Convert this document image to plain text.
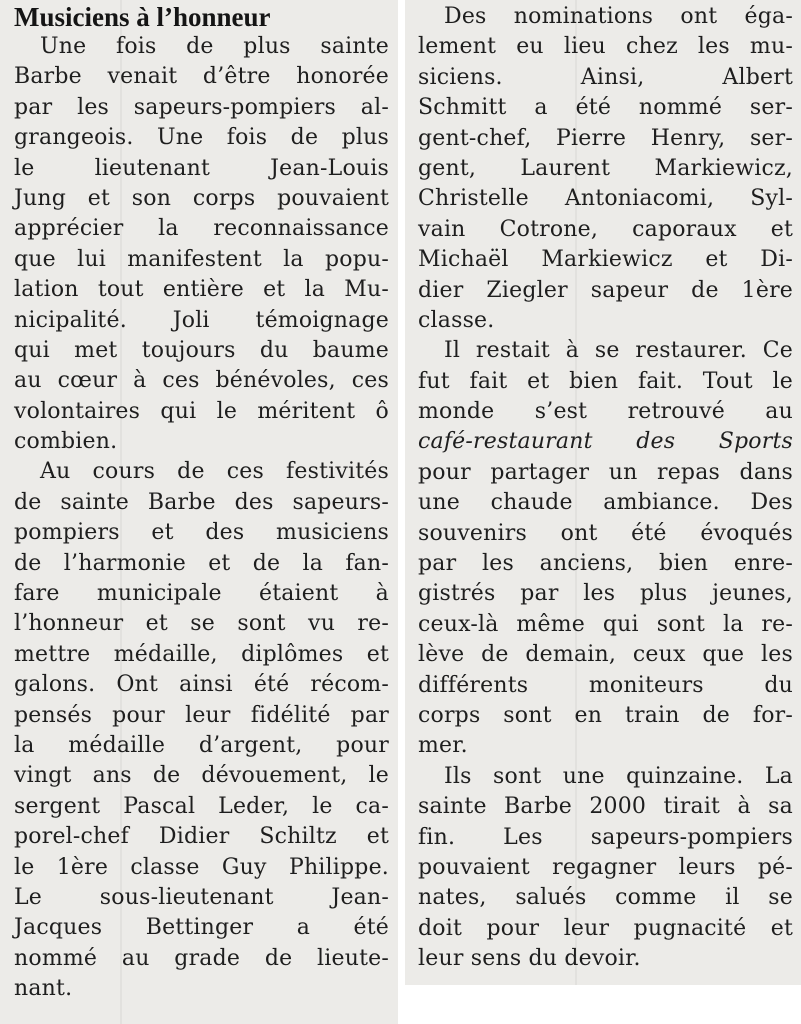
Musiciens à l’honneur
Une fois de plus sainte
Barbe venait d’être honorée
par les sapeurs-pompiers al-
grangeois. Une fois de plus
le lieutenant Jean-Louis
Jung et son corps pouvaient
apprécier la reconnaissance
que lui manifestent la popu-
lation tout entière et la Mu-
nicipalité. Joli témoignage
qui met toujours du baume
au cœur à ces bénévoles, ces
volontaires qui le méritent ô
combien.
Au cours de ces festivités
de sainte Barbe des sapeurs-
pompiers et des musiciens
de l’harmonie et de la fan-
fare municipale étaient à
l’honneur et se sont vu re-
mettre médaille, diplômes et
galons. Ont ainsi été récom-
pensés pour leur fidélité par
la médaille d’argent, pour
vingt ans de dévouement, le
sergent Pascal Leder, le ca-
porel-chef Didier Schiltz et
le 1ère classe Guy Philippe.
Le sous-lieutenant Jean-
Jacques Bettinger a été
nommé au grade de lieute-
nant.
Des nominations ont éga-
lement eu lieu chez les mu-
siciens. Ainsi, Albert
Schmitt a été nommé ser-
gent-chef, Pierre Henry, ser-
gent, Laurent Markiewicz,
Christelle Antoniacomi, Syl-
vain Cotrone, caporaux et
Michaël Markiewicz et Di-
dier Ziegler sapeur de 1ère
classe.
Il restait à se restaurer. Ce
fut fait et bien fait. Tout le
monde s’est retrouvé au
café-restaurant des Sports
pour partager un repas dans
une chaude ambiance. Des
souvenirs ont été évoqués
par les anciens, bien enre-
gistrés par les plus jeunes,
ceux-là même qui sont la re-
lève de demain, ceux que les
différents moniteurs du
corps sont en train de for-
mer.
Ils sont une quinzaine. La
sainte Barbe 2000 tirait à sa
fin. Les sapeurs-pompiers
pouvaient regagner leurs pé-
nates, salués comme il se
doit pour leur pugnacité et
leur sens du devoir.
